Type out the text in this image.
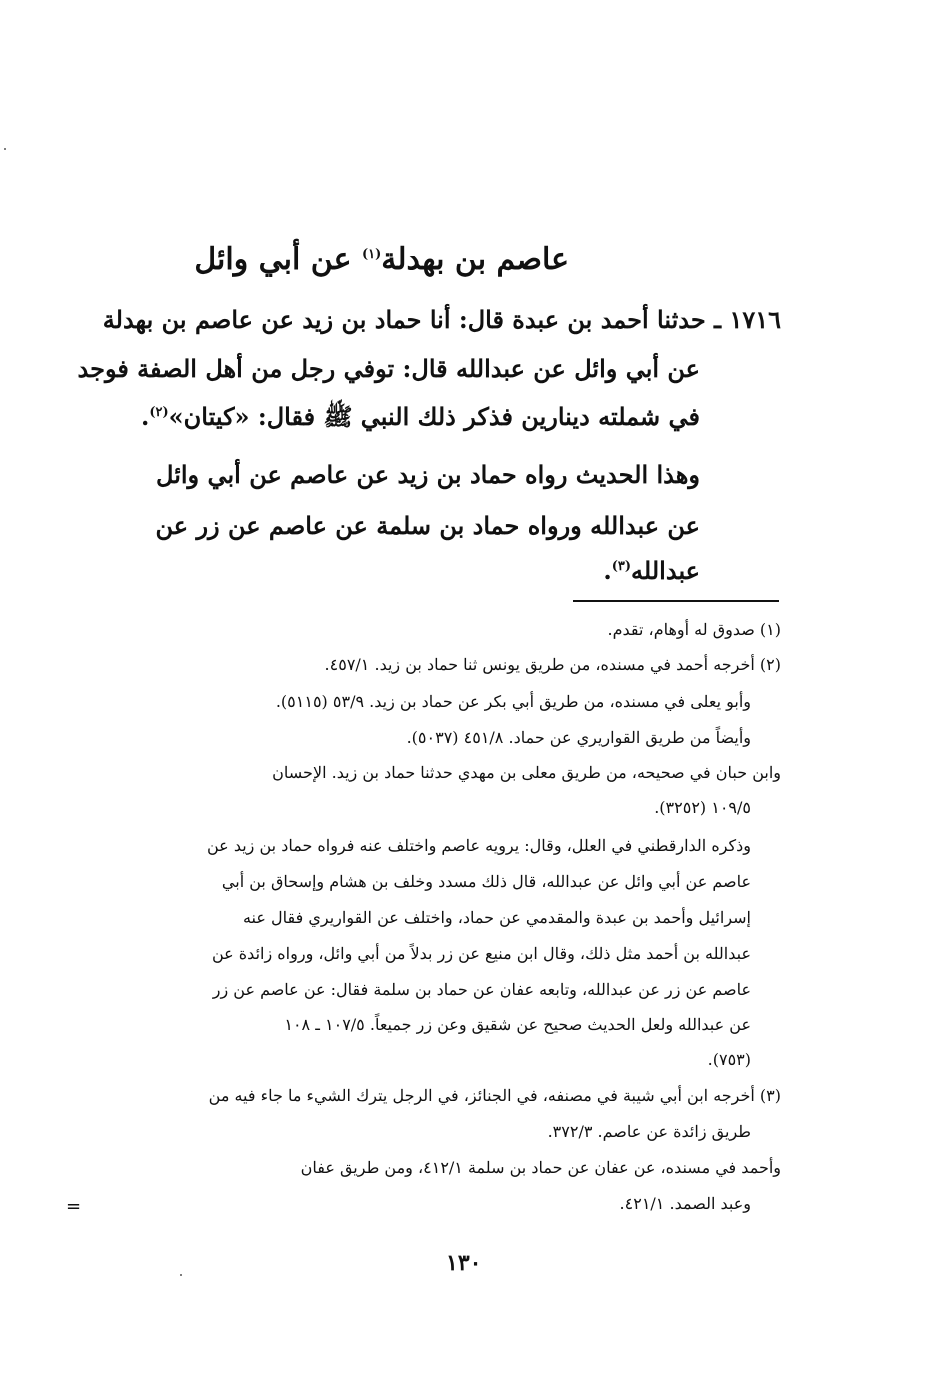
عاصم بن بهدلة$^{(١)}$ عن أبي وائل
١٧١٦ ـ حدثنا أحمد بن عبدة قال: أنا حماد بن زيد عن عاصم بن بهدلة
عن أبي وائل عن عبدالله قال: توفي رجل من أهل الصفة فوجد
في شملته دينارين فذكر ذلك النبي ﷺ فقال: «كيتان»$^{(٢)}$.
وهذا الحديث رواه حماد بن زيد عن عاصم عن أبي وائل
عن عبدالله ورواه حماد بن سلمة عن عاصم عن زر عن
عبدالله$^{(٣)}$.
(١) صدوق له أوهام، تقدم.
(٢) أخرجه أحمد في مسنده، من طريق يونس ثنا حماد بن زيد. ٤٥٧/١.
وأبو يعلى في مسنده، من طريق أبي بكر عن حماد بن زيد. ٥٣/٩ (٥١١٥).
وأيضاً من طريق القواريري عن حماد. ٤٥١/٨ (٥٠٣٧).
وابن حبان في صحيحه، من طريق معلى بن مهدي حدثنا حماد بن زيد. الإحسان
١٠٩/٥ (٣٢٥٢).
وذكره الدارقطني في العلل، وقال: يرويه عاصم واختلف عنه فرواه حماد بن زيد عن
عاصم عن أبي وائل عن عبدالله، قال ذلك مسدد وخلف بن هشام وإسحاق بن أبي
إسرائيل وأحمد بن عبدة والمقدمي عن حماد، واختلف عن القواريري فقال عنه
عبدالله بن أحمد مثل ذلك، وقال ابن منيع عن زر بدلاً من أبي وائل، ورواه زائدة عن
عاصم عن زر عن عبدالله، وتابعه عفان عن حماد بن سلمة فقال: عن عاصم عن زر
عن عبدالله ولعل الحديث صحيح عن شقيق وعن زر جميعاً. ١٠٧/٥ ـ ١٠٨
(٧٥٣).
(٣) أخرجه ابن أبي شيبة في مصنفه، في الجنائز، في الرجل يترك الشيء ما جاء فيه من
طريق زائدة عن عاصم. ٣٧٢/٣.
وأحمد في مسنده، عن عفان عن حماد بن سلمة ٤١٢/١، ومن طريق عفان
وعبد الصمد. ٤٢١/١.
=
١٣٠
